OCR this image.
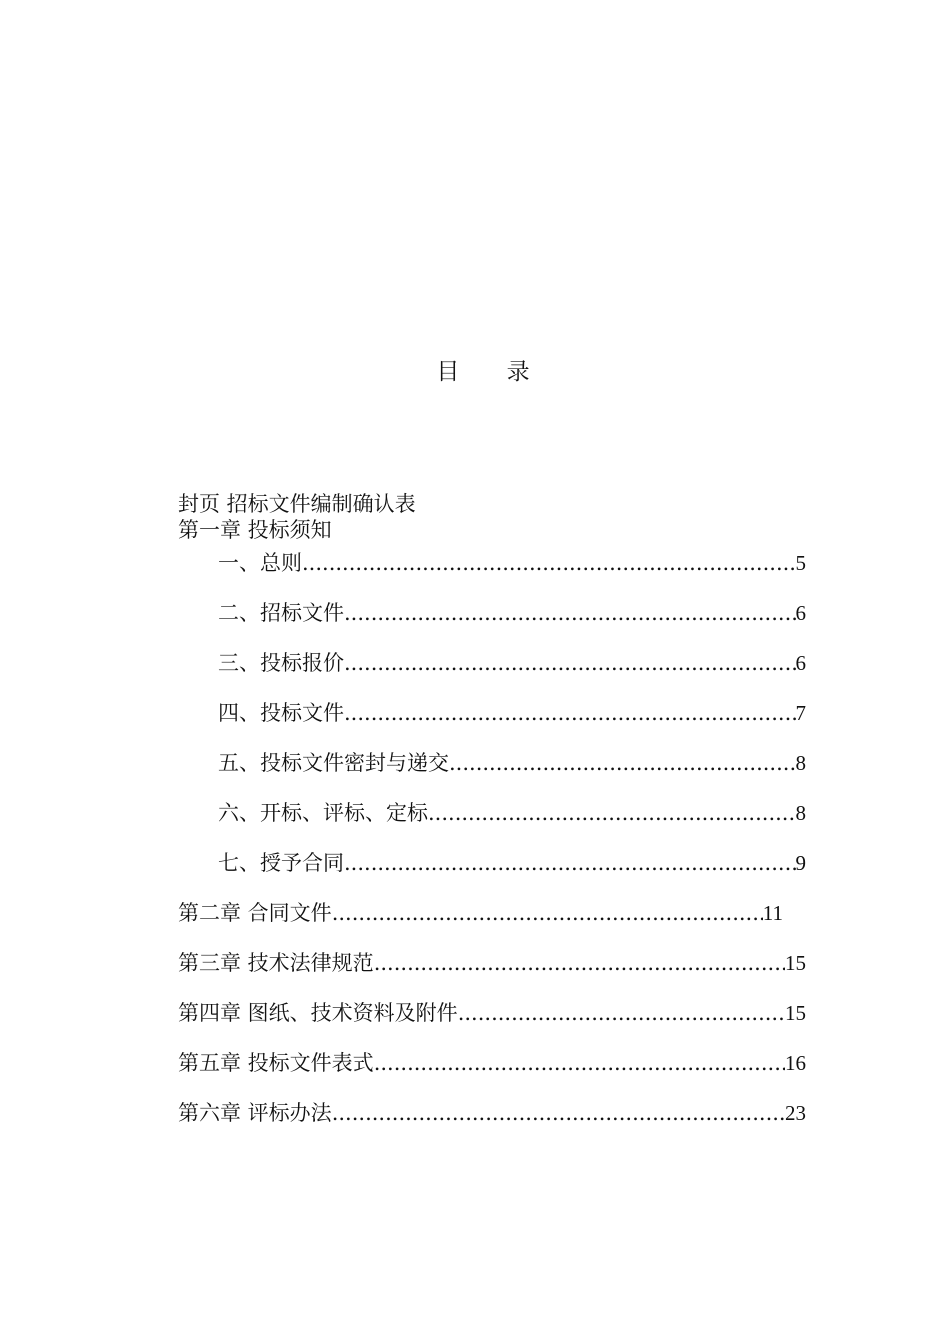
目 录
封页 招标文件编制确认表
第一章 投标须知
一、总则 .....	5
二、招标文件 .....	6
三、投标报价 .....	6
四、投标文件 .....	7
五、投标文件密封与递交 .....	8
六、开标、评标、定标 .....	8
七、授予合同 .....	9
第二章 合同文件 .....	11
第三章 技术法律规范 .....	15
第四章 图纸、技术资料及附件 .....	15
第五章 投标文件表式 .....	16
第六章 评标办法 .....	23
